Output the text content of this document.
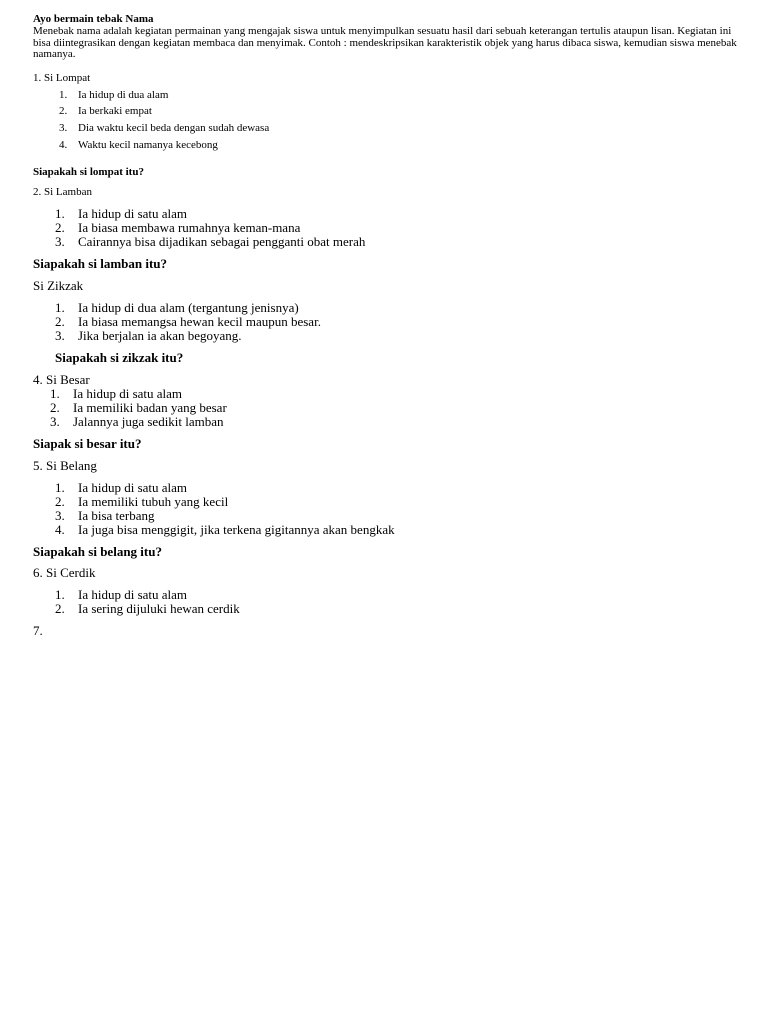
Ayo bermain tebak Nama
Menebak nama adalah kegiatan permainan yang mengajak siswa untuk menyimpulkan sesuatu hasil dari sebuah keterangan tertulis ataupun lisan. Kegiatan ini bisa diintegrasikan dengan kegiatan membaca dan menyimak. Contoh : mendeskripsikan karakteristik objek yang harus dibaca siswa, kemudian siswa menebak namanya.
1. Si Lompat
1. Ia hidup di dua alam
2. Ia berkaki empat
3. Dia waktu kecil beda dengan sudah dewasa
4. Waktu kecil namanya kecebong
Siapakah si lompat itu?
2. Si Lamban
1. Ia hidup di satu alam
2. Ia biasa membawa rumahnya keman-mana
3. Cairannya bisa dijadikan sebagai pengganti obat merah
Siapakah si lamban itu?
Si Zikzak
1. Ia hidup di dua alam (tergantung jenisnya)
2. Ia biasa memangsa hewan kecil maupun besar.
3. Jika berjalan ia akan begoyang.
Siapakah si zikzak itu?
4. Si Besar
1. Ia hidup di satu alam
2. Ia memiliki badan yang besar
3. Jalannya juga sedikit lamban
Siapak si besar itu?
5. Si Belang
1. Ia hidup di satu alam
2. Ia memiliki tubuh yang kecil
3. Ia bisa terbang
4. Ia juga bisa menggigit, jika terkena gigitannya akan bengkak
Siapakah si belang itu?
6. Si Cerdik
1. Ia hidup di satu alam
2. Ia sering dijuluki hewan cerdik
7.
